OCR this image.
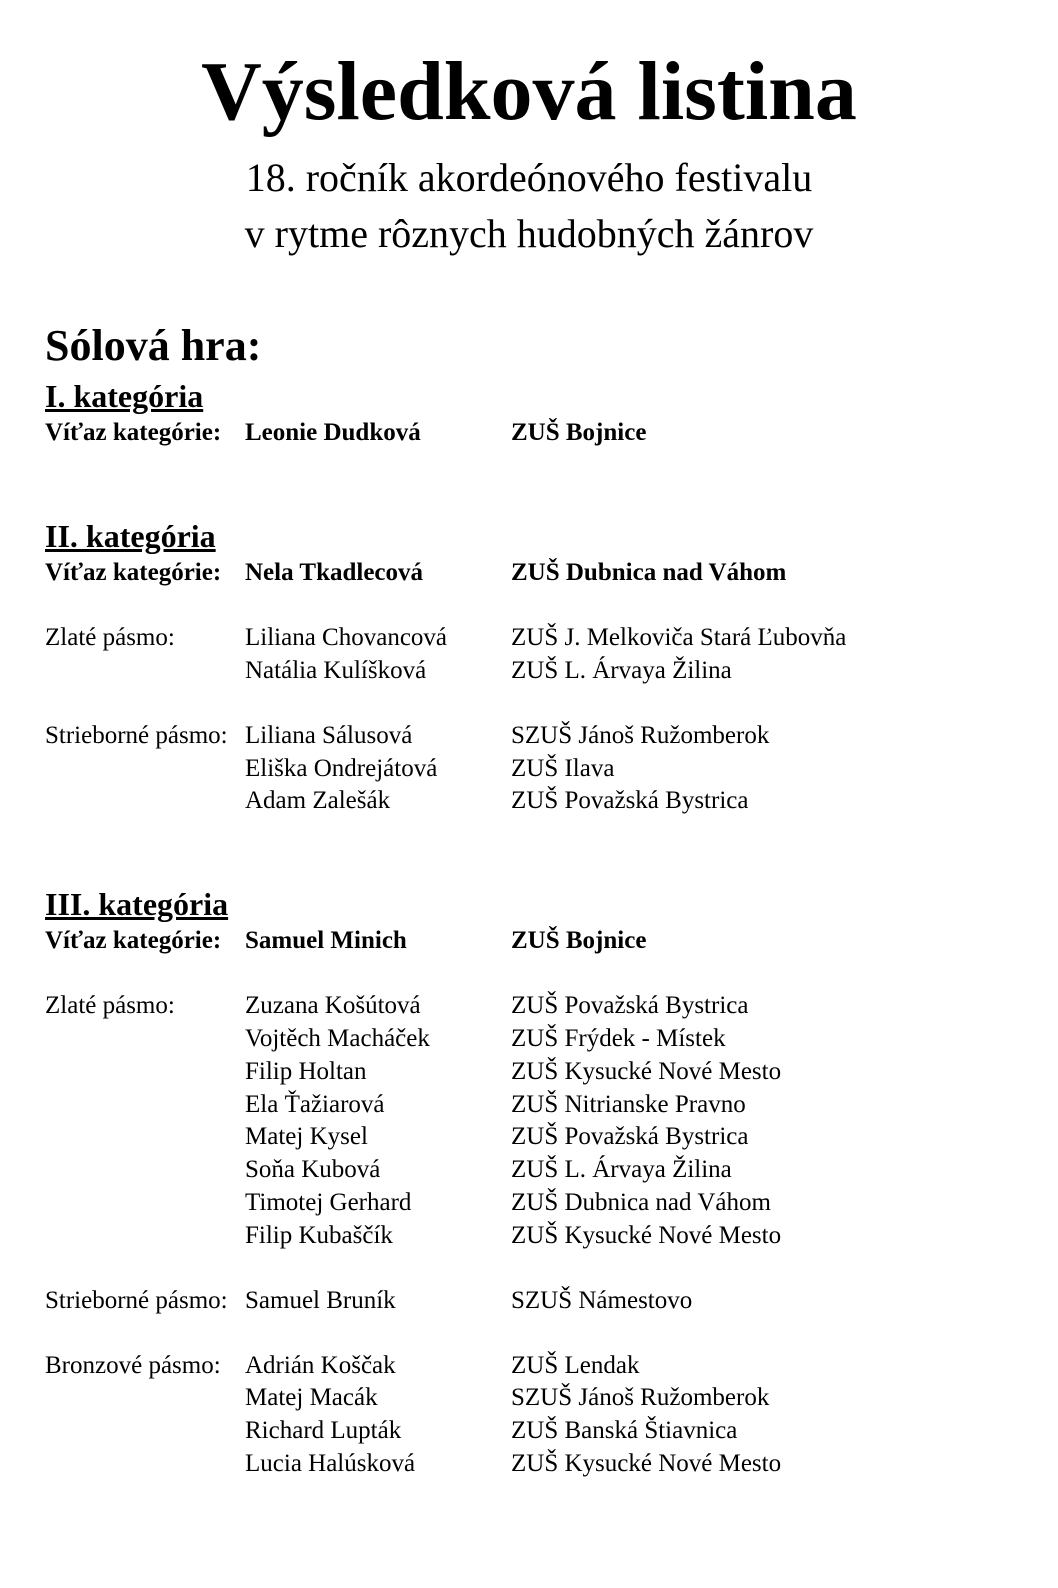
Výsledková listina
18. ročník akordeónového festivalu
v rytme rôznych hudobných žánrov
Sólová hra:
I. kategória
Víťaz kategórie: Leonie Dudková	ZUŠ Bojnice
II. kategória
Víťaz kategórie: Nela Tkadlecová	ZUŠ Dubnica nad Váhom
Zlaté pásmo:	Liliana Chovancová	ZUŠ J. Melkoviča Stará Ľubovňa
Natália Kulíšková	ZUŠ L. Árvaya Žilina
Strieborné pásmo: Liliana Sálusová	SZUŠ Jánoš Ružomberok
Eliška Ondrejátová	ZUŠ Ilava
Adam Zalešák	ZUŠ Považská Bystrica
III. kategória
Víťaz kategórie: Samuel Minich	ZUŠ Bojnice
Zlaté pásmo:	Zuzana Košútová	ZUŠ Považská Bystrica
Vojtěch Macháček	ZUŠ Frýdek - Místek
Filip Holtan	ZUŠ Kysucké Nové Mesto
Ela Ťažiarová	ZUŠ Nitrianske Pravno
Matej Kysel	ZUŠ Považská Bystrica
Soňa Kubová	ZUŠ L. Árvaya Žilina
Timotej Gerhard	ZUŠ Dubnica nad Váhom
Filip Kubaščík	ZUŠ Kysucké Nové Mesto
Strieborné pásmo: Samuel Bruník	SZUŠ Námestovo
Bronzové pásmo: Adrián Koščak	ZUŠ Lendak
Matej Macák	SZUŠ Jánoš Ružomberok
Richard Lupták	ZUŠ Banská Štiavnica
Lucia Halúsková	ZUŠ Kysucké Nové Mesto
